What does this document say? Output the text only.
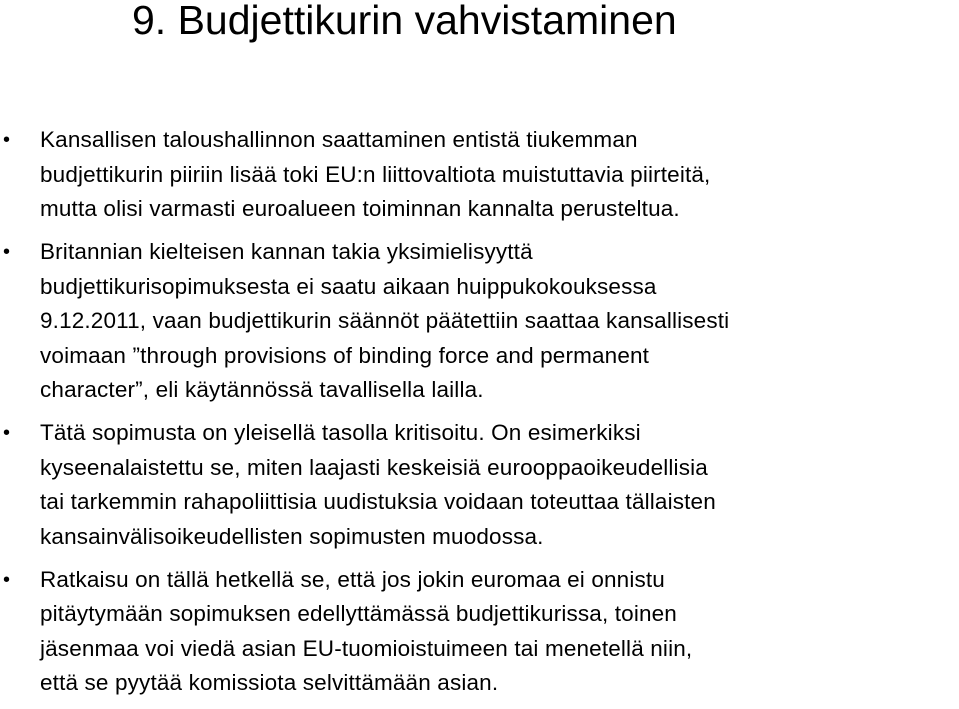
9. Budjettikurin vahvistaminen
• Kansallisen taloushallinnon saattaminen entistä tiukemman
budjettikurin piiriin lisää toki EU:n liittovaltiota muistuttavia piirteitä,
mutta olisi varmasti euroalueen toiminnan kannalta perusteltua.
• Britannian kielteisen kannan takia yksimielisyyttä
budjettikurisopimuksesta ei saatu aikaan huippukokouksessa
9.12.2011, vaan budjettikurin säännöt päätettiin saattaa kansallisesti
voimaan ”through provisions of binding force and permanent
character”, eli käytännössä tavallisella lailla.
• Tätä sopimusta on yleisellä tasolla kritisoitu. On esimerkiksi
kyseenalaistettu se, miten laajasti keskeisiä eurooppaoikeudellisia
tai tarkemmin rahapoliittisia uudistuksia voidaan toteuttaa tällaisten
kansainvälisoikeudellisten sopimusten muodossa.
• Ratkaisu on tällä hetkellä se, että jos jokin euromaa ei onnistu
pitäytymään sopimuksen edellyttämässä budjettikurissa, toinen
jäsenmaa voi viedä asian EU-tuomioistuimeen tai menetellä niin,
että se pyytää komissiota selvittämään asian.
